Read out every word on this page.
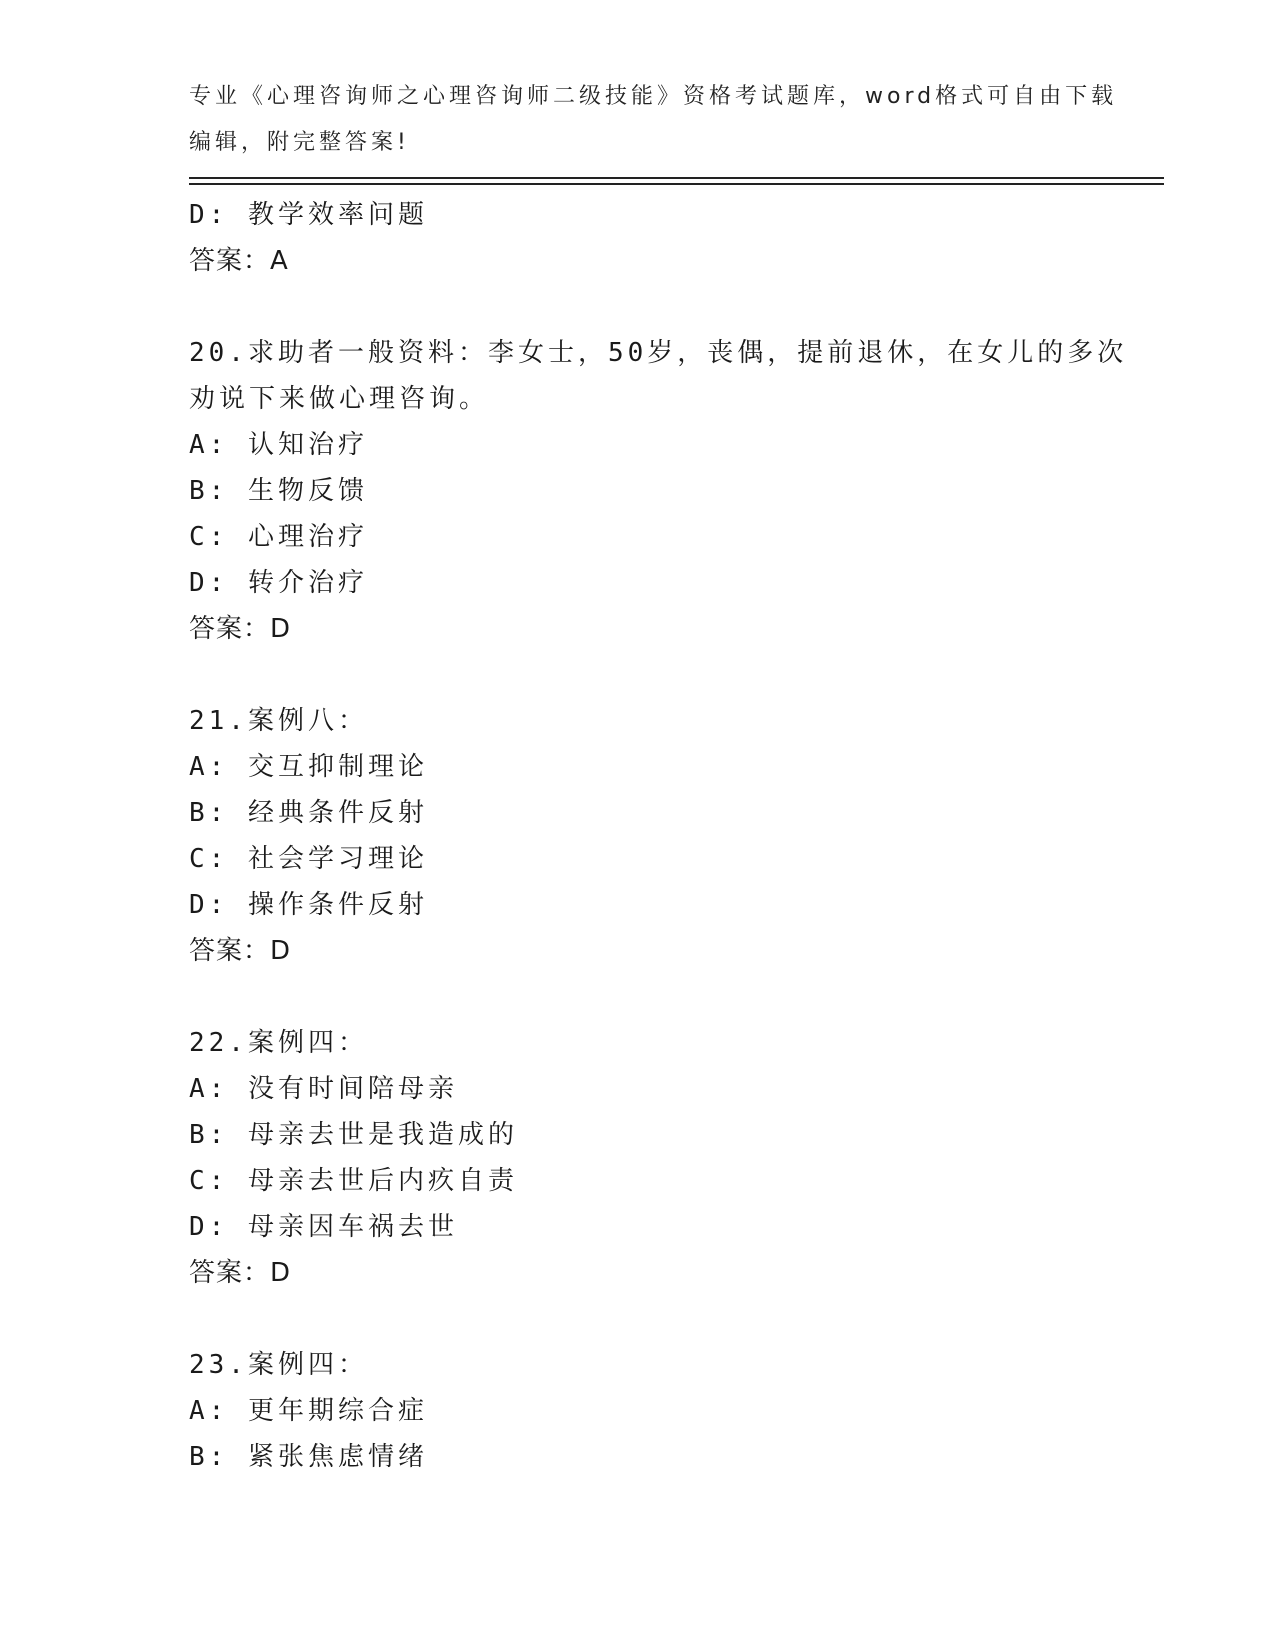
专业《心理咨询师之心理咨询师二级技能》资格考试题库，word格式可自由下载
编辑，附完整答案!
D: 教学效率问题
答案：A
20.求助者一般资料：李女士，50岁，丧偶，提前退休，在女儿的多次
劝说下来做心理咨询。
A: 认知治疗
B: 生物反馈
C: 心理治疗
D: 转介治疗
答案：D
21.案例八：
A: 交互抑制理论
B: 经典条件反射
C: 社会学习理论
D: 操作条件反射
答案：D
22.案例四：
A: 没有时间陪母亲
B: 母亲去世是我造成的
C: 母亲去世后内疚自责
D: 母亲因车祸去世
答案：D
23.案例四：
A: 更年期综合症
B: 紧张焦虑情绪
